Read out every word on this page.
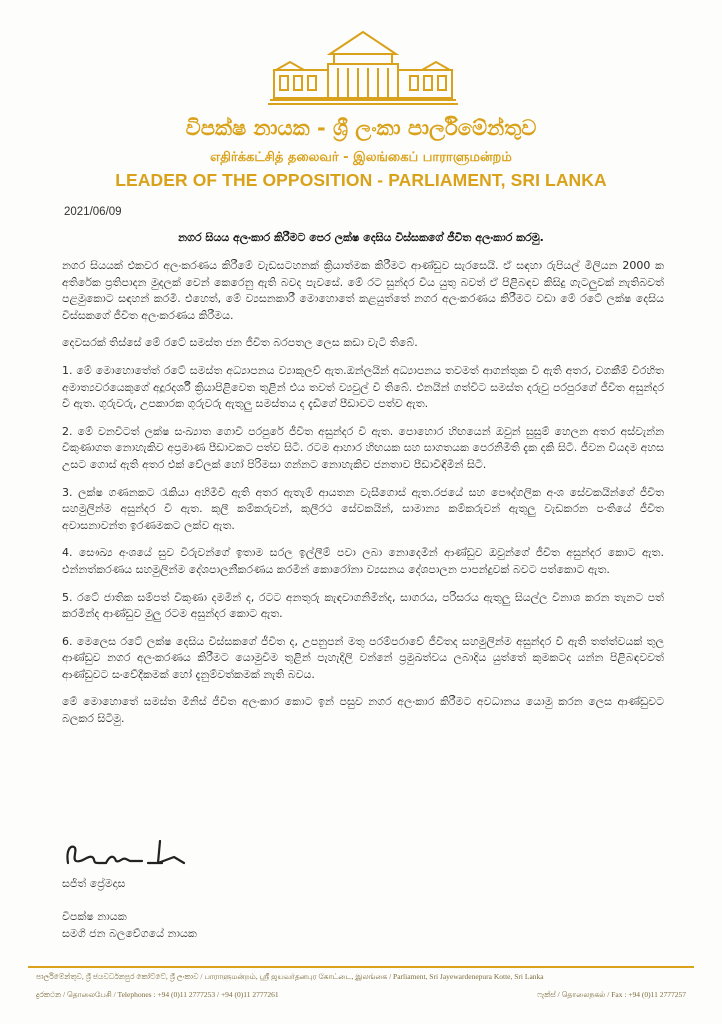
විපක්ෂ නායක - ශ්‍රී ලංකා පාර්ලිමේන්තුව
எதிர்க்கட்சித் தலைவர் - இலங்கைப் பாராளுமன்றம்
LEADER OF THE OPPOSITION - PARLIAMENT, SRI LANKA
2021/06/09
නගර සියය අලංකාර කිරීමට පෙර ලක්ෂ දෙසිය විස්සකගේ ජීවිත අලංකාර කරමු.

නගර සියයක් එකවර අලංකරණය කිරීමේ වැඩසටහනක් ක්‍රියාත්මක කිරීමට ආණ්ඩුව සැරසෙයි. ඒ සඳහා රුපියල් මිලියන 2000 ක අතිරේක ප්‍රතිපාදන මුදලක් වෙන් කෙරෙනු ඇති බවද පැවසේ. මේ රට සුන්දර විය යුතු බවත් ඒ පිළිබඳව කිසිදු ගැටලුවක් නැතිබවත් පළමුකොට සඳහන් කරමි. එහෙත්, මේ ව්‍යසනකාරී මොහොතේ කළයුත්තේ නගර අලංකරණය කිරීමට වඩා මේ රටේ ලක්ෂ දෙසිය විස්සකගේ ජීවිත අලංකරණය කිරීමය.

දෙවසරක් තිස්සේ මේ රටේ සමස්ත ජන ජීවිත බරපතල ලෙස කඩා වැටී තිබේ.

1. මේ මොහොතේත් රටේ සමස්ත අධ්‍යාපනය ව්‍යාකූලව් ඇත.ඔන්ලයින් අධ්‍යාපනය තවමත් ආගන්තුක වී ඇති අතර, වගකීම් විරහිත අමාත්‍යවරයෙකුගේ අදූරදර්ශී ක්‍රියාපිළිවෙත තුළින් එය තවත් ව්‍යවුල් වී තිබේ. එනයින් ගත්විට සමස්ත දරුවු පරපුරගේ ජීවිත අසුන්දර වී ඇත. ගුරුවරු, උපකාරක ගුරුවරු ඇතුලු සමස්තය ද දැඩිගේ පීඩාවට පත්ව ඇත.

2. මේ වනවිටත් ලක්ෂ සංඛ්‍යාත ගොවි පරපුරේ ජීවිත අසුන්දර වී ඇත. පොහොර හිඟයෙන් ඔවුන් සුසුම් හෙලන අතර අස්වැන්න විකුණාගත නොහැකිව අප්‍රමාණ පීඩාවකට පත්ව සිටී. රටම ආහාර හිඟයක සහ සාගතයක පෙරනිමිති දැක දකි සිටී. ජීවන වියදම අහස උසට ගොස් ඇති අතර එක් වේලක් හෝ පිරිමසා ගන්නට නොහැකිව ජනතාව පීඩාවිඳිමින් සිටී.

3. ලක්ෂ ගණනකට රැකියා අහිමිවී ඇති අතර ඇතැම් ආයතන වැසීගොස් ඇත.රජයේ සහ පෞද්ගලික අංශ සේවකයින්ගේ ජීවිත සහමුලින්ම අසුන්දර වී ඇත. කුලී කම්කරුවන්, කුලීරථ සේවකයින්, සාමාන්‍ය කම්කරුවන් ඇතුලු වැඩකරන පංතියේ ජීවිත අවාසනාවන්ත ඉරණමකට ලක්ව ඇත.

4. සෞඛ්‍ය අංශයේ සුව විරුවන්ගේ ඉතාම සරල ඉල්ලීම් පවා ලබා නොදෙමින් ආණ්ඩුව ඔවුන්ගේ ජීවිත අසුන්දර කොට ඇත. එන්නත්කරණය සහමුලින්ම දේශපාලනීකරණය කරමින් කොරෝනා ව්‍යසනය දේශපාලන පාපන්දුවක් බවට පත්කොට ඇත.

5. රටේ ජාතික සම්පත් විකුණා දමමින් ද, රටට අනතුරු කැඳවාගනිමින්ද, සාගරය, පරිසරය ඇතුලු සියල්ල විනාශ කරන තැනට පත් කරමින්ද ආණ්ඩුව මුලු රටම අසුන්දර කොට ඇත.

6. මෙලෙස රටේ ලක්ෂ දෙසිය විස්සකගේ ජීවිත ද, උපනුපන් මතු පරම්පරාවේ ජීවිතද සහමුලින්ම අසුන්දර වී ඇති තත්ත්වයක් තුල ආණ්ඩුව නගර අලංකරණය කිරීමට යොමුවීම තුළින් පැහැදිලි වන්නේ ප්‍රමුඛත්වය ලබාදිය යුත්තේ කුමකටද යන්න පිළිබඳවවත් ආණ්ඩුවට සංවේදීකමක් හෝ දැනුම්වත්කමක් නැති බවය.

මේ මොහොතේ සමස්ත මිනිස් ජීවිත අලංකාර කොට ඉන් පසුව නගර අලංකාර කිරීමට අවධානය යොමු කරන ලෙස ආණ්ඩුවට බලකර සිටිමු.

සජිත් ප්‍රේමදාස
විපක්ෂ නායක
සමගි ජන බලවේගයේ නායක
පාර්ලිමේන්තුව, ශ්‍රී ජයවර්ධනපුර කෝට්ටේ, ශ්‍රී ලංකාව / பாராளுமன்றம், ஸ்ரீ ஜயவர்தனபுர கோட்டை, இலங்கை / Parliament, Sri Jayewardenepura Kotte, Sri Lanka
දුරකථන / தொலைபேசி / Telephones : +94 (0)11 2777253 / +94 (0)11 2777261	ෆැක්ස් / தொலைநகல் / Fax : +94 (0)11 2777257
